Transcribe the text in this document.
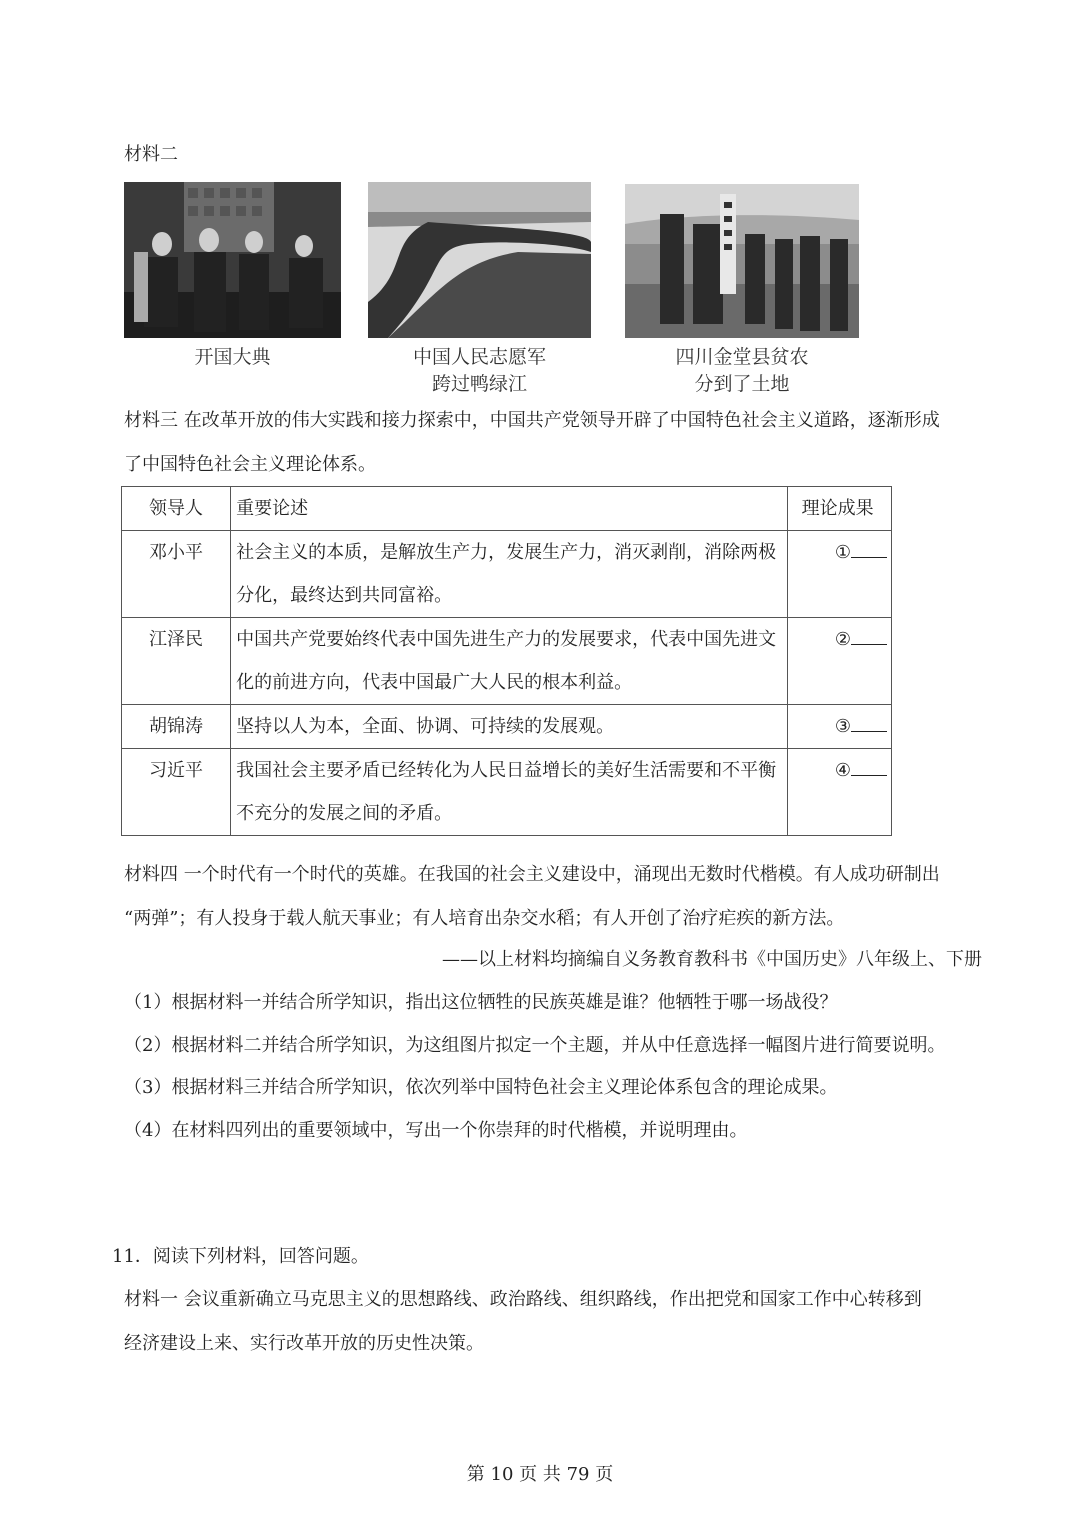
材料二
开国大典	中国人民志愿军
跨过鸭绿江
四川金堂县贫农
分到了土地
材料三 在改革开放的伟大实践和接力探索中，中国共产党领导开辟了中国特色社会主义道路，逐渐形成
了中国特色社会主义理论体系。
领导人	重要论述	理论成果
邓小平	社会主义的本质，是解放生产力，发展生产力，消灭剥削，消除两极分化，最终达到共同富裕。	①
江泽民	中国共产党要始终代表中国先进生产力的发展要求，代表中国先进文化的前进方向，代表中国最广大人民的根本利益。	②
胡锦涛	坚持以人为本，全面、协调、可持续的发展观。	③
习近平	我国社会主要矛盾已经转化为人民日益增长的美好生活需要和不平衡不充分的发展之间的矛盾。	④
材料四 一个时代有一个时代的英雄。在我国的社会主义建设中，涌现出无数时代楷模。有人成功研制出
“两弹”；有人投身于载人航天事业；有人培育出杂交水稻；有人开创了治疗疟疾的新方法。
——以上材料均摘编自义务教育教科书《中国历史》八年级上、下册
（1）根据材料一并结合所学知识，指出这位牺牲的民族英雄是谁？他牺牲于哪一场战役？
（2）根据材料二并结合所学知识，为这组图片拟定一个主题，并从中任意选择一幅图片进行简要说明。
（3）根据材料三并结合所学知识，依次列举中国特色社会主义理论体系包含的理论成果。
（4）在材料四列出的重要领域中，写出一个你崇拜的时代楷模，并说明理由。
11．阅读下列材料，回答问题。
材料一 会议重新确立马克思主义的思想路线、政治路线、组织路线，作出把党和国家工作中心转移到
经济建设上来、实行改革开放的历史性决策。
第 10 页 共 79 页
